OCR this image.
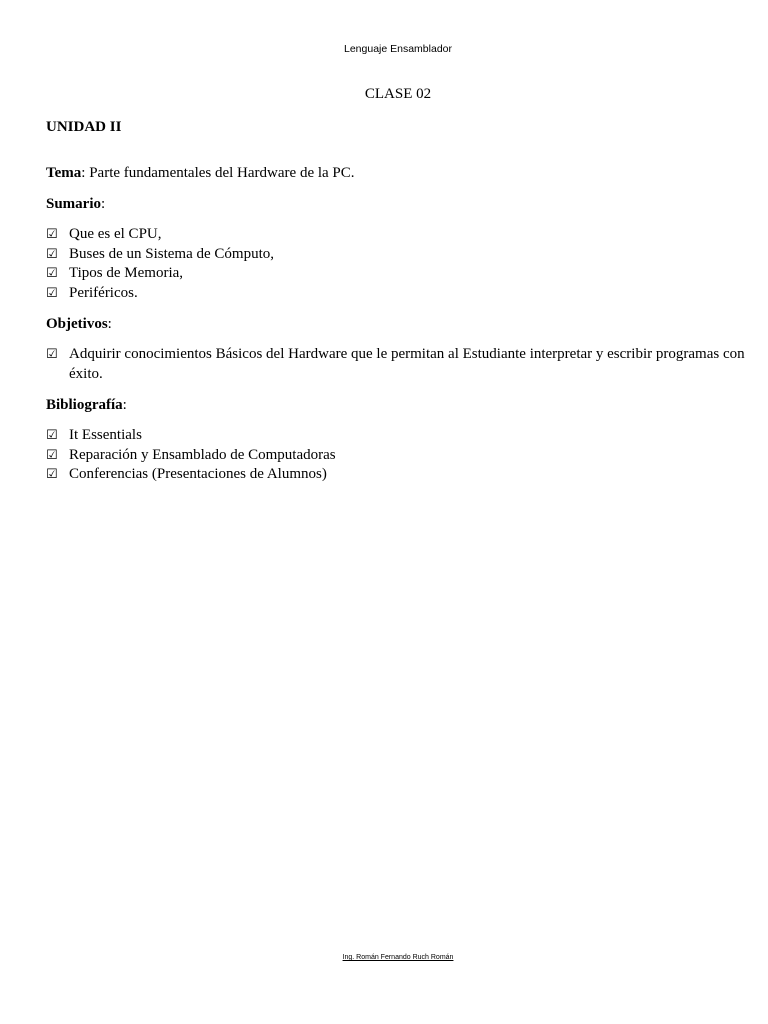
Lenguaje Ensamblador
CLASE 02
UNIDAD II

Tema: Parte fundamentales del Hardware de la PC.

Sumario:

☑ Que es el CPU,
☑ Buses de un Sistema de Cómputo,
☑ Tipos de Memoria,
☑ Periféricos.

Objetivos:

☑ Adquirir conocimientos Básicos del Hardware que le permitan al Estudiante interpretar y escribir programas con éxito.

Bibliografía:

☑ It Essentials
☑ Reparación y Ensamblado de Computadoras
☑ Conferencias (Presentaciones de Alumnos)
Ing. Román Fernando Ruch Román
